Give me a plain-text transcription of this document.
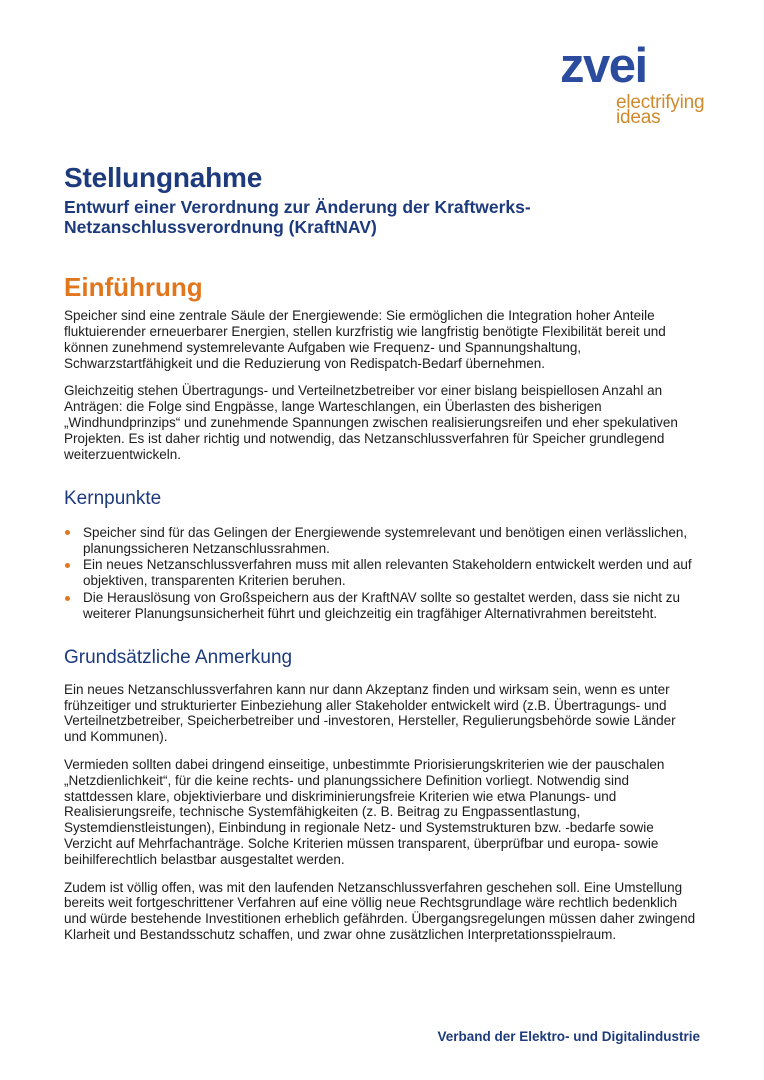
zvei
electrifying
ideas
Stellungnahme
Entwurf einer Verordnung zur Änderung der Kraftwerks-Netzanschlussverordnung (KraftNAV)
Einführung

Speicher sind eine zentrale Säule der Energiewende: Sie ermöglichen die Integration hoher Anteile fluktuierender erneuerbarer Energien, stellen kurzfristig wie langfristig benötigte Flexibilität bereit und können zunehmend systemrelevante Aufgaben wie Frequenz- und Spannungshaltung, Schwarzstartfähigkeit und die Reduzierung von Redispatch-Bedarf übernehmen.

Gleichzeitig stehen Übertragungs- und Verteilnetzbetreiber vor einer bislang beispiellosen Anzahl an Anträgen: die Folge sind Engpässe, lange Warteschlangen, ein Überlasten des bisherigen „Windhundprinzips“ und zunehmende Spannungen zwischen realisierungsreifen und eher spekulativen Projekten. Es ist daher richtig und notwendig, das Netzanschlussverfahren für Speicher grundlegend weiterzuentwickeln.

Kernpunkte
Speicher sind für das Gelingen der Energiewende systemrelevant und benötigen einen verlässlichen, planungssicheren Netzanschlussrahmen.
Ein neues Netzanschlussverfahren muss mit allen relevanten Stakeholdern entwickelt werden und auf objektiven, transparenten Kriterien beruhen.
Die Herauslösung von Großspeichern aus der KraftNAV sollte so gestaltet werden, dass sie nicht zu weiterer Planungsunsicherheit führt und gleichzeitig ein tragfähiger Alternativrahmen bereitsteht.
Grundsätzliche Anmerkung

Ein neues Netzanschlussverfahren kann nur dann Akzeptanz finden und wirksam sein, wenn es unter frühzeitiger und strukturierter Einbeziehung aller Stakeholder entwickelt wird (z.B. Übertragungs- und Verteilnetzbetreiber, Speicherbetreiber und -investoren, Hersteller, Regulierungsbehörde sowie Länder und Kommunen).

Vermieden sollten dabei dringend einseitige, unbestimmte Priorisierungskriterien wie der pauschalen „Netzdienlichkeit“, für die keine rechts- und planungssichere Definition vorliegt. Notwendig sind stattdessen klare, objektivierbare und diskriminierungsfreie Kriterien wie etwa Planungs- und Realisierungsreife, technische Systemfähigkeiten (z. B. Beitrag zu Engpassentlastung, Systemdienstleistungen), Einbindung in regionale Netz- und Systemstrukturen bzw. -bedarfe sowie Verzicht auf Mehrfachanträge. Solche Kriterien müssen transparent, überprüfbar und europa- sowie beihilferechtlich belastbar ausgestaltet werden.

Zudem ist völlig offen, was mit den laufenden Netzanschlussverfahren geschehen soll. Eine Umstellung bereits weit fortgeschrittener Verfahren auf eine völlig neue Rechtsgrundlage wäre rechtlich bedenklich und würde bestehende Investitionen erheblich gefährden. Übergangsregelungen müssen daher zwingend Klarheit und Bestandsschutz schaffen, und zwar ohne zusätzlichen Interpretationsspielraum.

Verband der Elektro- und Digitalindustrie
